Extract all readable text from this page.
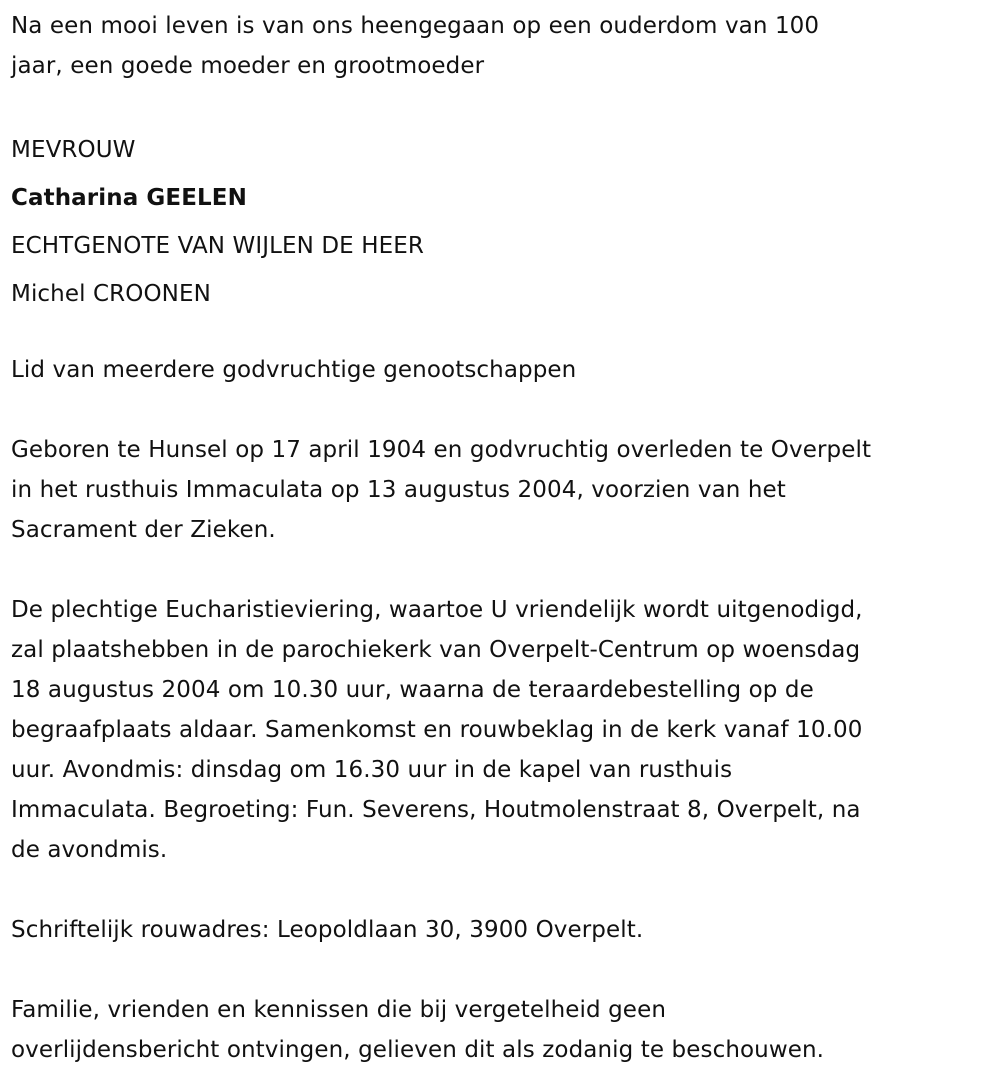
Na een mooi leven is van ons heengegaan op een ouderdom van 100
jaar, een goede moeder en grootmoeder

MEVROUW
Catharina GEELEN
ECHTGENOTE VAN WIJLEN DE HEER
Michel CROONEN

Lid van meerdere godvruchtige genootschappen

Geboren te Hunsel op 17 april 1904 en godvruchtig overleden te Overpelt
in het rusthuis Immaculata op 13 augustus 2004, voorzien van het
Sacrament der Zieken.

De plechtige Eucharistieviering, waartoe U vriendelijk wordt uitgenodigd,
zal plaatshebben in de parochiekerk van Overpelt-Centrum op woensdag
18 augustus 2004 om 10.30 uur, waarna de teraardebestelling op de
begraafplaats aldaar. Samenkomst en rouwbeklag in de kerk vanaf 10.00
uur. Avondmis: dinsdag om 16.30 uur in de kapel van rusthuis
Immaculata. Begroeting: Fun. Severens, Houtmolenstraat 8, Overpelt, na
de avondmis.

Schriftelijk rouwadres: Leopoldlaan 30, 3900 Overpelt.

Familie, vrienden en kennissen die bij vergetelheid geen
overlijdensbericht ontvingen, gelieven dit als zodanig te beschouwen.
